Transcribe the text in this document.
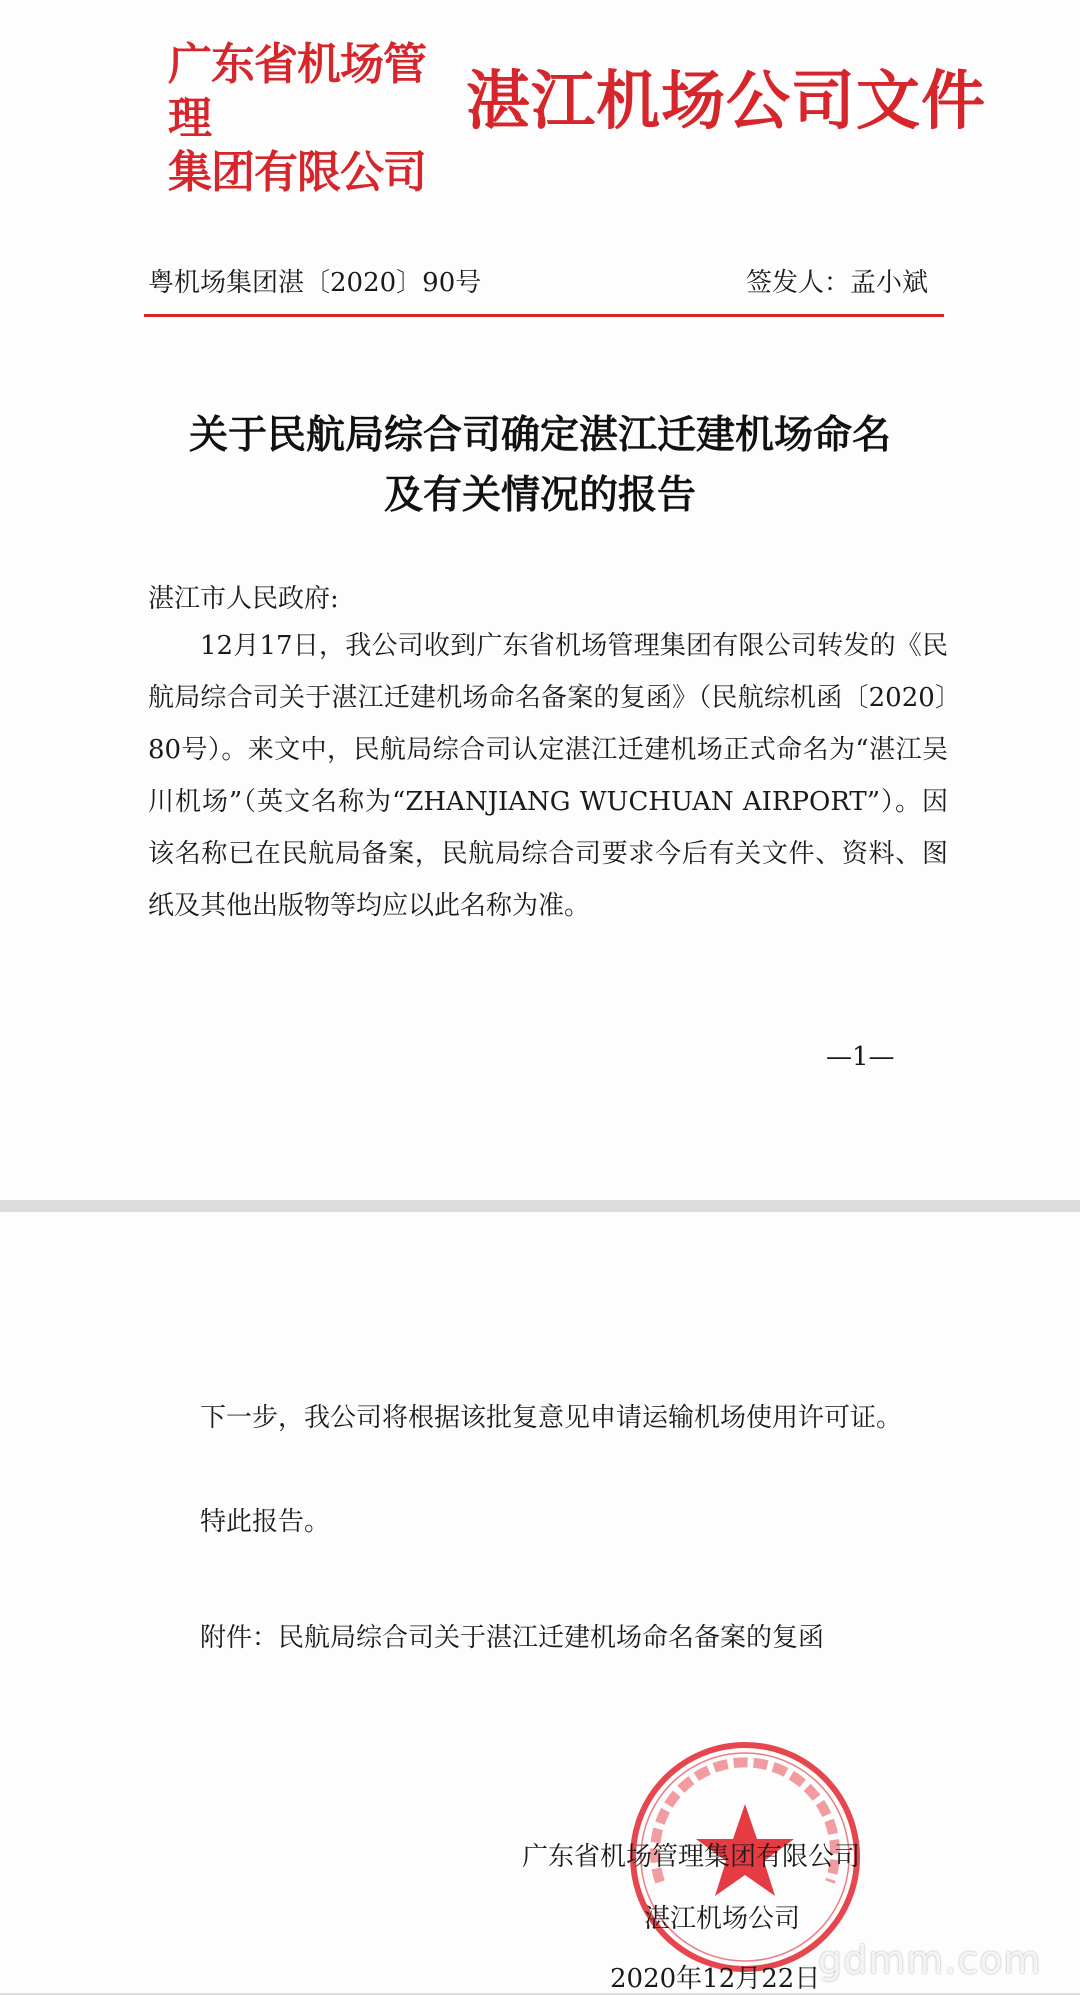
广东省机场管理
集团有限公司
湛江机场公司文件
粤机场集团湛〔2020〕90号	签发人：孟小斌
关于民航局综合司确定湛江迁建机场命名
及有关情况的报告
湛江市人民政府:

12月17日，我公司收到广东省机场管理集团有限公司转发的《民航局综合司关于湛江迁建机场命名备案的复函》（民航综机函〔2020〕80号）。来文中，民航局综合司认定湛江迁建机场正式命名为“湛江吴川机场”（英文名称为“ZHANJIANG WUCHUAN AIRPORT”）。因该名称已在民航局备案，民航局综合司要求今后有关文件、资料、图纸及其他出版物等均应以此名称为准。

—1—

下一步，我公司将根据该批复意见申请运输机场使用许可证。

特此报告。

附件：民航局综合司关于湛江迁建机场命名备案的复函

广东省机场管理集团有限公司
湛江机场公司
2020年12月22日
gdmm.com
